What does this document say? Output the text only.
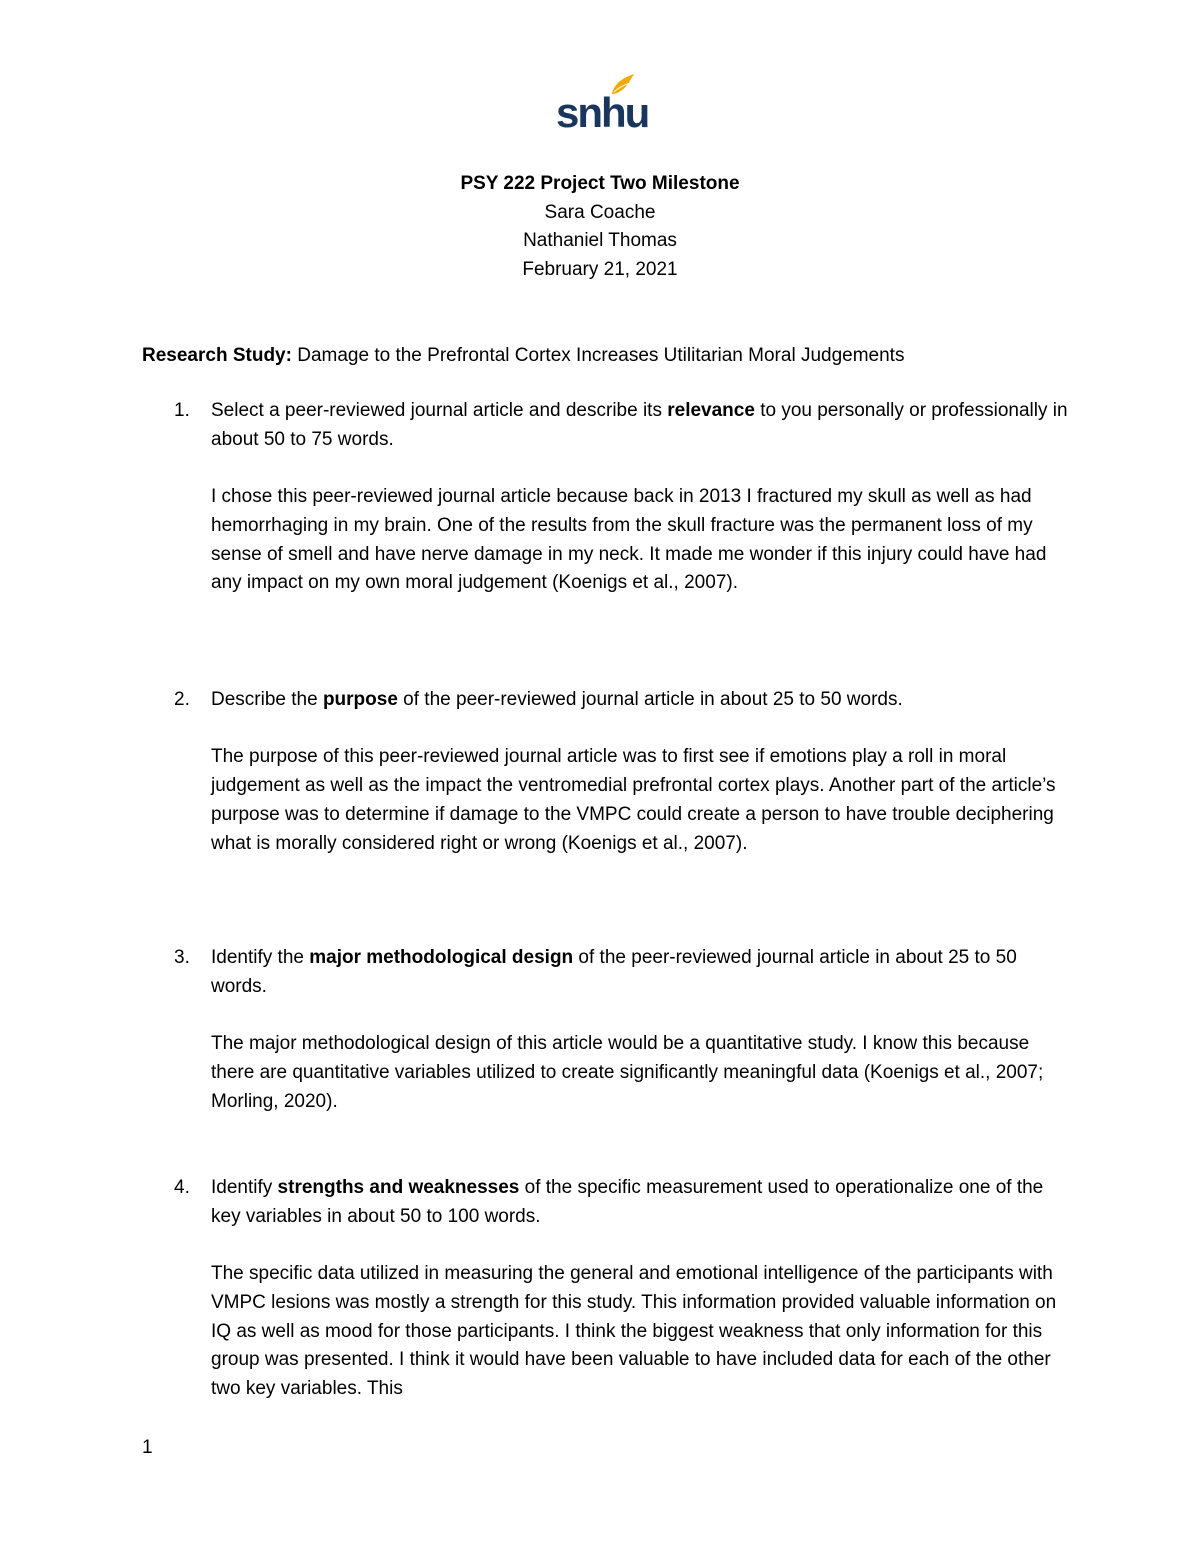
snhu
PSY 222 Project Two Milestone
Sara Coache
Nathaniel Thomas
February 21, 2021
Research Study: Damage to the Prefrontal Cortex Increases Utilitarian Moral Judgements
1. Select a peer-reviewed journal article and describe its relevance to you personally or professionally in about 50 to 75 words.
I chose this peer-reviewed journal article because back in 2013 I fractured my skull as well as had hemorrhaging in my brain. One of the results from the skull fracture was the permanent loss of my sense of smell and have nerve damage in my neck. It made me wonder if this injury could have had any impact on my own moral judgement (Koenigs et al., 2007).
2. Describe the purpose of the peer-reviewed journal article in about 25 to 50 words.
The purpose of this peer-reviewed journal article was to first see if emotions play a roll in moral judgement as well as the impact the ventromedial prefrontal cortex plays. Another part of the article’s purpose was to determine if damage to the VMPC could create a person to have trouble deciphering what is morally considered right or wrong (Koenigs et al., 2007).
3. Identify the major methodological design of the peer-reviewed journal article in about 25 to 50 words.
The major methodological design of this article would be a quantitative study. I know this because there are quantitative variables utilized to create significantly meaningful data (Koenigs et al., 2007; Morling, 2020).
4. Identify strengths and weaknesses of the specific measurement used to operationalize one of the key variables in about 50 to 100 words.
The specific data utilized in measuring the general and emotional intelligence of the participants with VMPC lesions was mostly a strength for this study. This information provided valuable information on IQ as well as mood for those participants. I think the biggest weakness that only information for this group was presented. I think it would have been valuable to have included data for each of the other two key variables. This
1
